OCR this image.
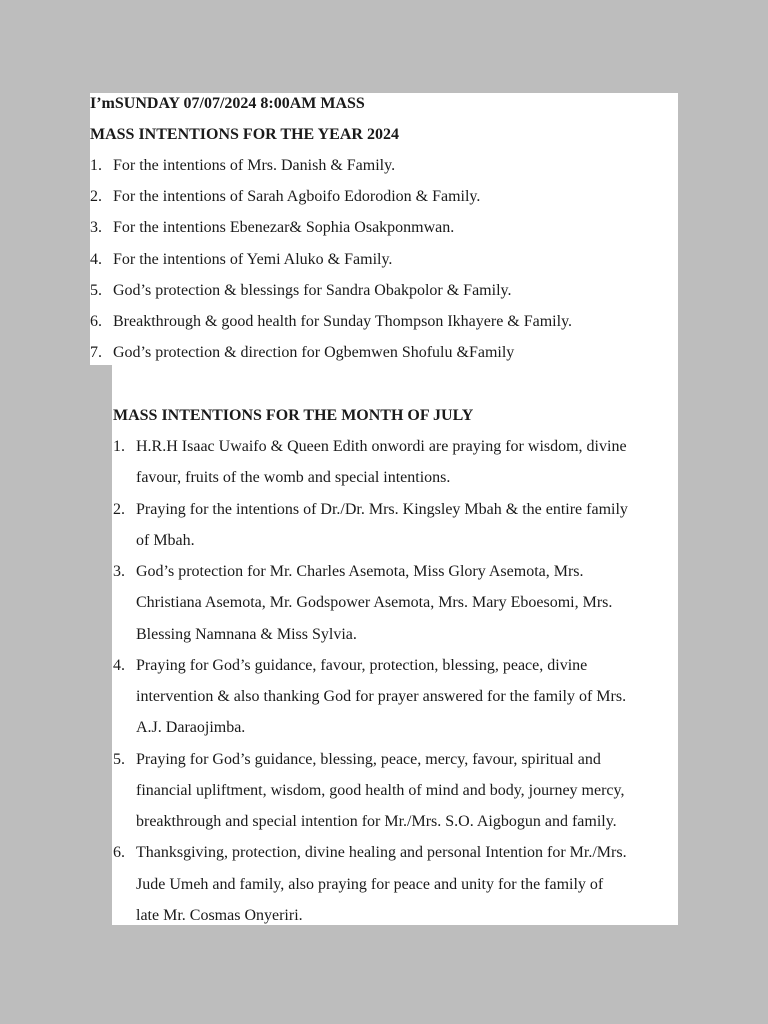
I’mSUNDAY 07/07/2024 8:00AM MASS
MASS INTENTIONS FOR THE YEAR 2024
1. For the intentions of Mrs. Danish & Family.
2. For the intentions of Sarah Agboifo Edorodion & Family.
3. For the intentions Ebenezar& Sophia Osakponmwan.
4. For the intentions of Yemi Aluko & Family.
5. God’s protection & blessings for Sandra Obakpolor & Family.
6. Breakthrough & good health for Sunday Thompson Ikhayere & Family.
7. God’s protection & direction for Ogbemwen Shofulu &Family
MASS INTENTIONS FOR THE MONTH OF JULY
1. H.R.H Isaac Uwaifo & Queen Edith onwordi are praying for wisdom, divine
favour, fruits of the womb and special intentions.
2. Praying for the intentions of Dr./Dr. Mrs. Kingsley Mbah & the entire family
of Mbah.
3. God’s protection for Mr. Charles Asemota, Miss Glory Asemota, Mrs.
Christiana Asemota, Mr. Godspower Asemota, Mrs. Mary Eboesomi, Mrs.
Blessing Namnana & Miss Sylvia.
4. Praying for God’s guidance, favour, protection, blessing, peace, divine
intervention & also thanking God for prayer answered for the family of Mrs.
A.J. Daraojimba.
5. Praying for God’s guidance, blessing, peace, mercy, favour, spiritual and
financial upliftment, wisdom, good health of mind and body, journey mercy,
breakthrough and special intention for Mr./Mrs. S.O. Aigbogun and family.
6. Thanksgiving, protection, divine healing and personal Intention for Mr./Mrs.
Jude Umeh and family, also praying for peace and unity for the family of
late Mr. Cosmas Onyeriri.
